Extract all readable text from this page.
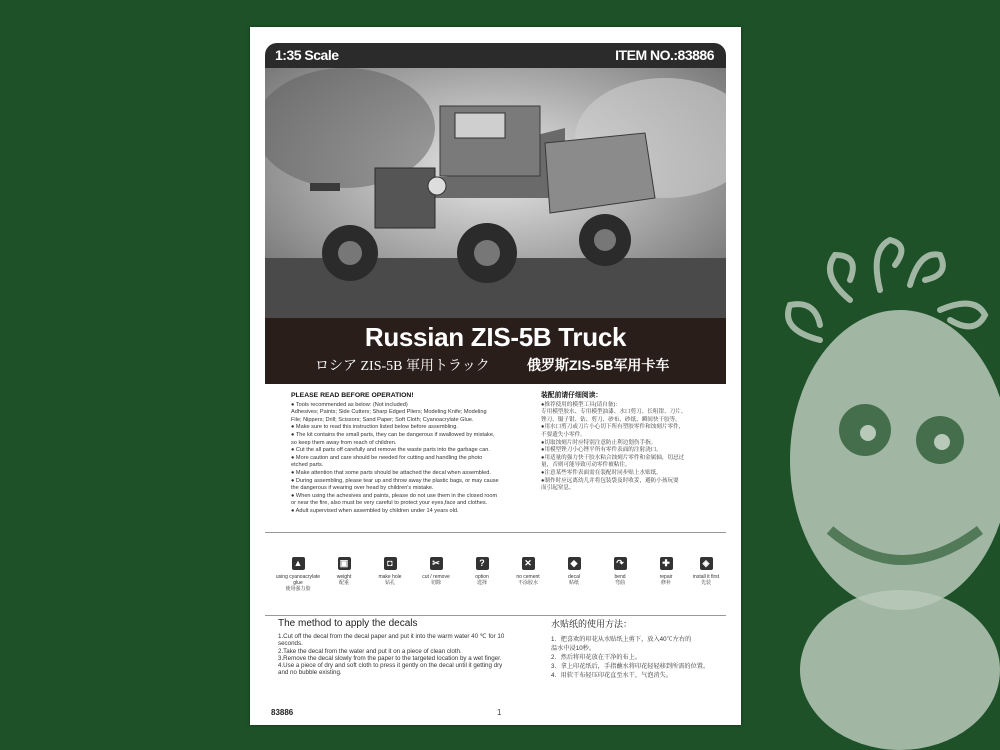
1:35 Scale	ITEM NO.:83886
Russian ZIS-5B Truck
ロシア ZIS-5B 軍用トラック	俄罗斯ZIS-5B军用卡车
PLEASE READ BEFORE OPERATION!
● Tools recommended as below: (Not included)
Adhesives; Paints; Side Cutters; Sharp Edged Pliers; Modeling Knife; Modeling
File; Nippers; Drill; Scissors; Sand Paper; Soft Cloth; Cyanoacrylate Glue.
● Make sure to read this instruction listed below before assembling.
● The kit contains the small parts, they can be dangerous if swallowed by mistake,
so keep them away from reach of children.
● Cut the all parts off carefully and remove the waste parts into the garbage can.
● More caution and care should be needed for cutting and handling the photo
etched parts.
● Make attention that some parts should be attached the decal when assembled.
● During assembling, please tear up and throw away the plastic bags, or may cause
the dangerous if wearing over head by children's mistake.
● When using the achesives and paints, please do not use them in the closed room
or near the fire, also must be very careful to protect your eyes,face and clothes.
● Adult supervised when assembled by children under 14 years old.
装配前请仔细阅读：
●推荐使用的模型工具(请自备)：
专用模型胶水、专用模型油漆、水口剪刀、长咀钳、刀片、
锉刀、镊子钳、钻、剪刀、砂布、砂纸、瞬间快干胶等。
●用水口剪刀或刀片小心切下所有塑胶零件和蚀刻片零件，
不要遗失小零件。
●切取蚀刻片时应特别注意防止利边划伤手指。
●用模型锉刀小心锉平所有零件表面的注射浇口。
●用适量的强力快干胶水粘合蚀刻片零件和金属轴，切忌过
量，否则可能导致可动零件被粘住。
●注意某些零件表面需在装配时同步贴上水贴纸。
●制作时应远离幼儿并将包装袋及时收妥，避防小孩玩耍
而引起窒息。
▲
using cyanoacrylate glue
使用强力胶
▣
weight
配重
◘
make hole
钻孔
✂
cut / remove
切除
?
option
选择
✕
no cement
不涂胶水
◆
decal
贴纸
↷
bend
弯曲
✚
repair
修补
◈
install it first
先装
The method to apply the decals
1.Cut off the decal from the decal paper and put it into the warm water 40 ℃ for 10
seconds.
2.Take the decal from the water and put it on a piece of clean cloth.
3.Remove the decal slowly from the paper to the targeted location by a wet finger.
4.Use a piece of dry and soft cloth to press it gently on the decal until it getting dry
and no bubble existing.
水贴纸的使用方法：
1．把喜欢的印花从水贴纸上剪下，放入40℃左右的
温水中浸10秒。
2．然后将印花放在干净的布上。
3．拿上印花纸后，手指蘸水将印花轻轻移到所需的位置。
4．用软干布轻压印花直至水干，气泡消失。
83886	1
